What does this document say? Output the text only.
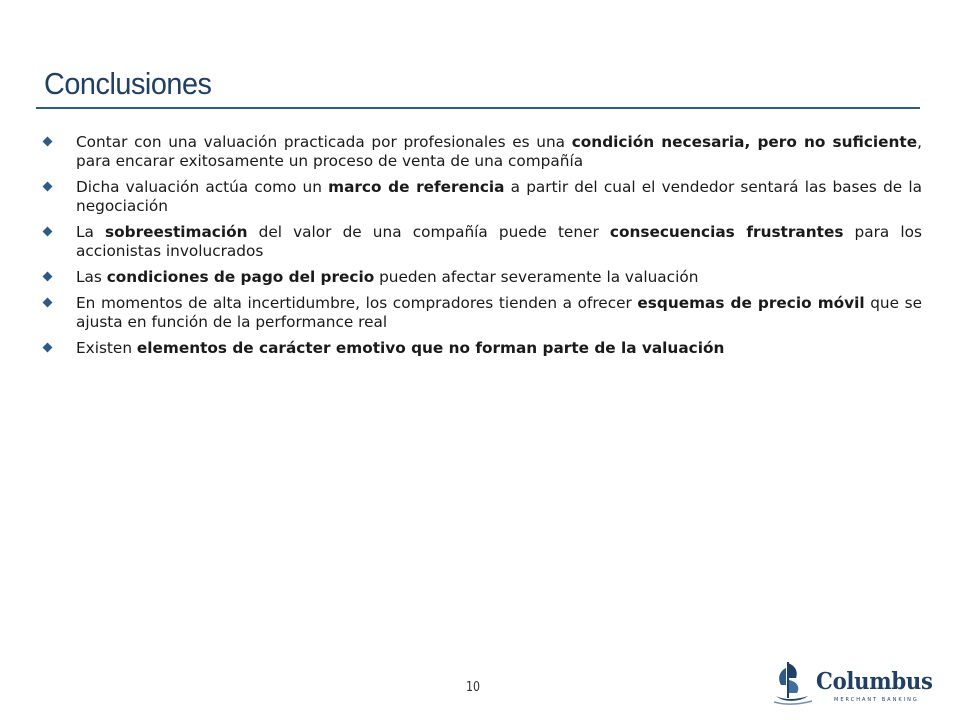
Conclusiones
Contar con una valuación practicada por profesionales es una condición necesaria, pero no suficiente, para encarar exitosamente un proceso de venta de una compañía
Dicha valuación actúa como un marco de referencia a partir del cual el vendedor sentará las bases de la negociación
La sobreestimación del valor de una compañía puede tener consecuencias frustrantes para los accionistas involucrados
Las condiciones de pago del precio pueden afectar severamente la valuación
En momentos de alta incertidumbre, los compradores tienden a ofrecer esquemas de precio móvil que se ajusta en función de la performance real
Existen elementos de carácter emotivo que no forman parte de la valuación
10	Columbus
MERCHANT BANKING
